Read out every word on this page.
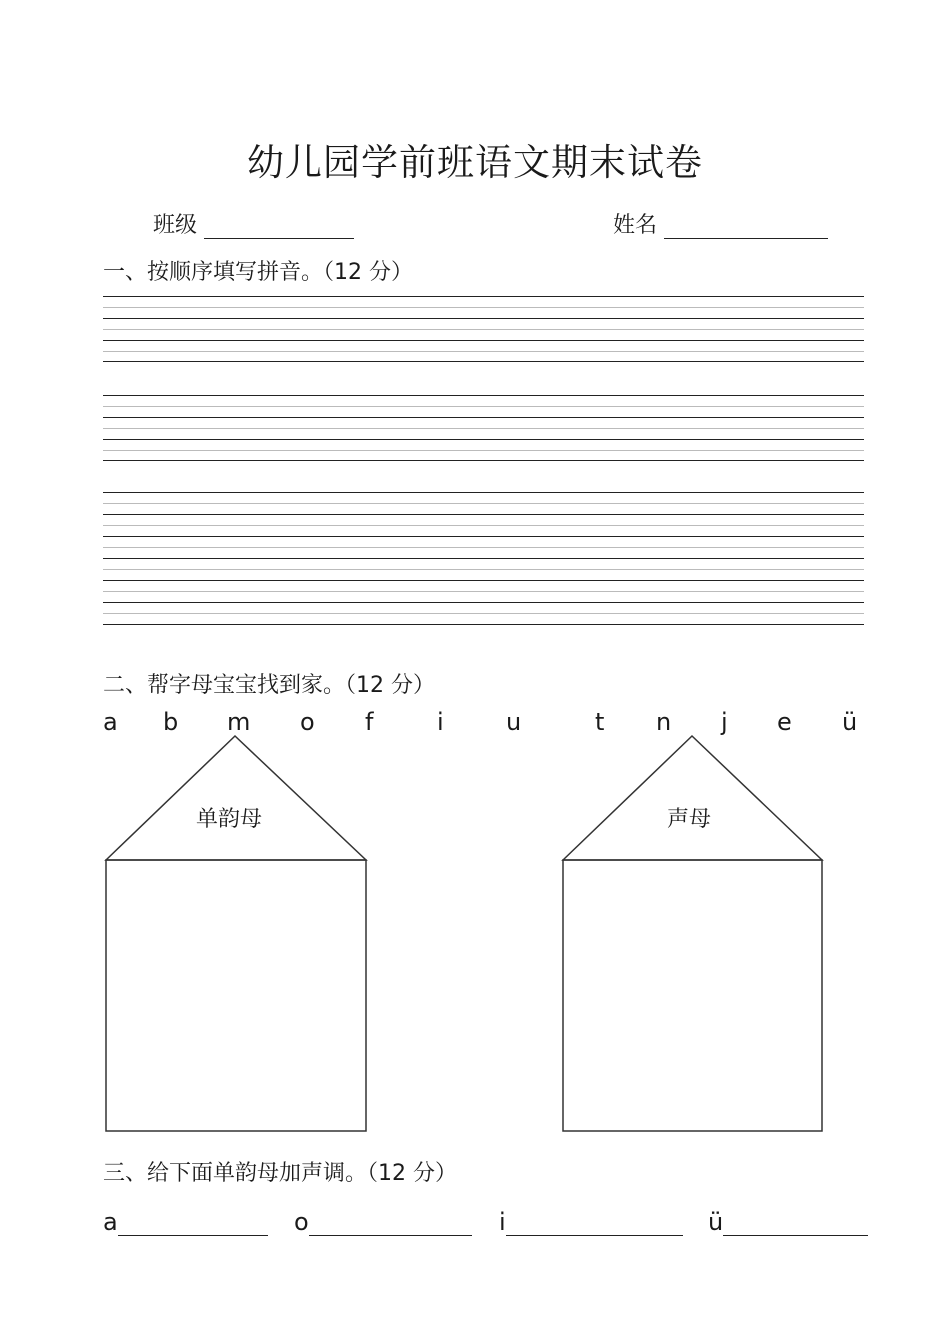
幼儿园学前班语文期末试卷
班级	姓名
一、按顺序填写拼音。（12 分）
二、帮字母宝宝找到家。（12 分）
a b m o f	i	u	t n j e ü
单韵母	声母
三、给下面单韵母加声调。（12 分）
a	o	i	ü
